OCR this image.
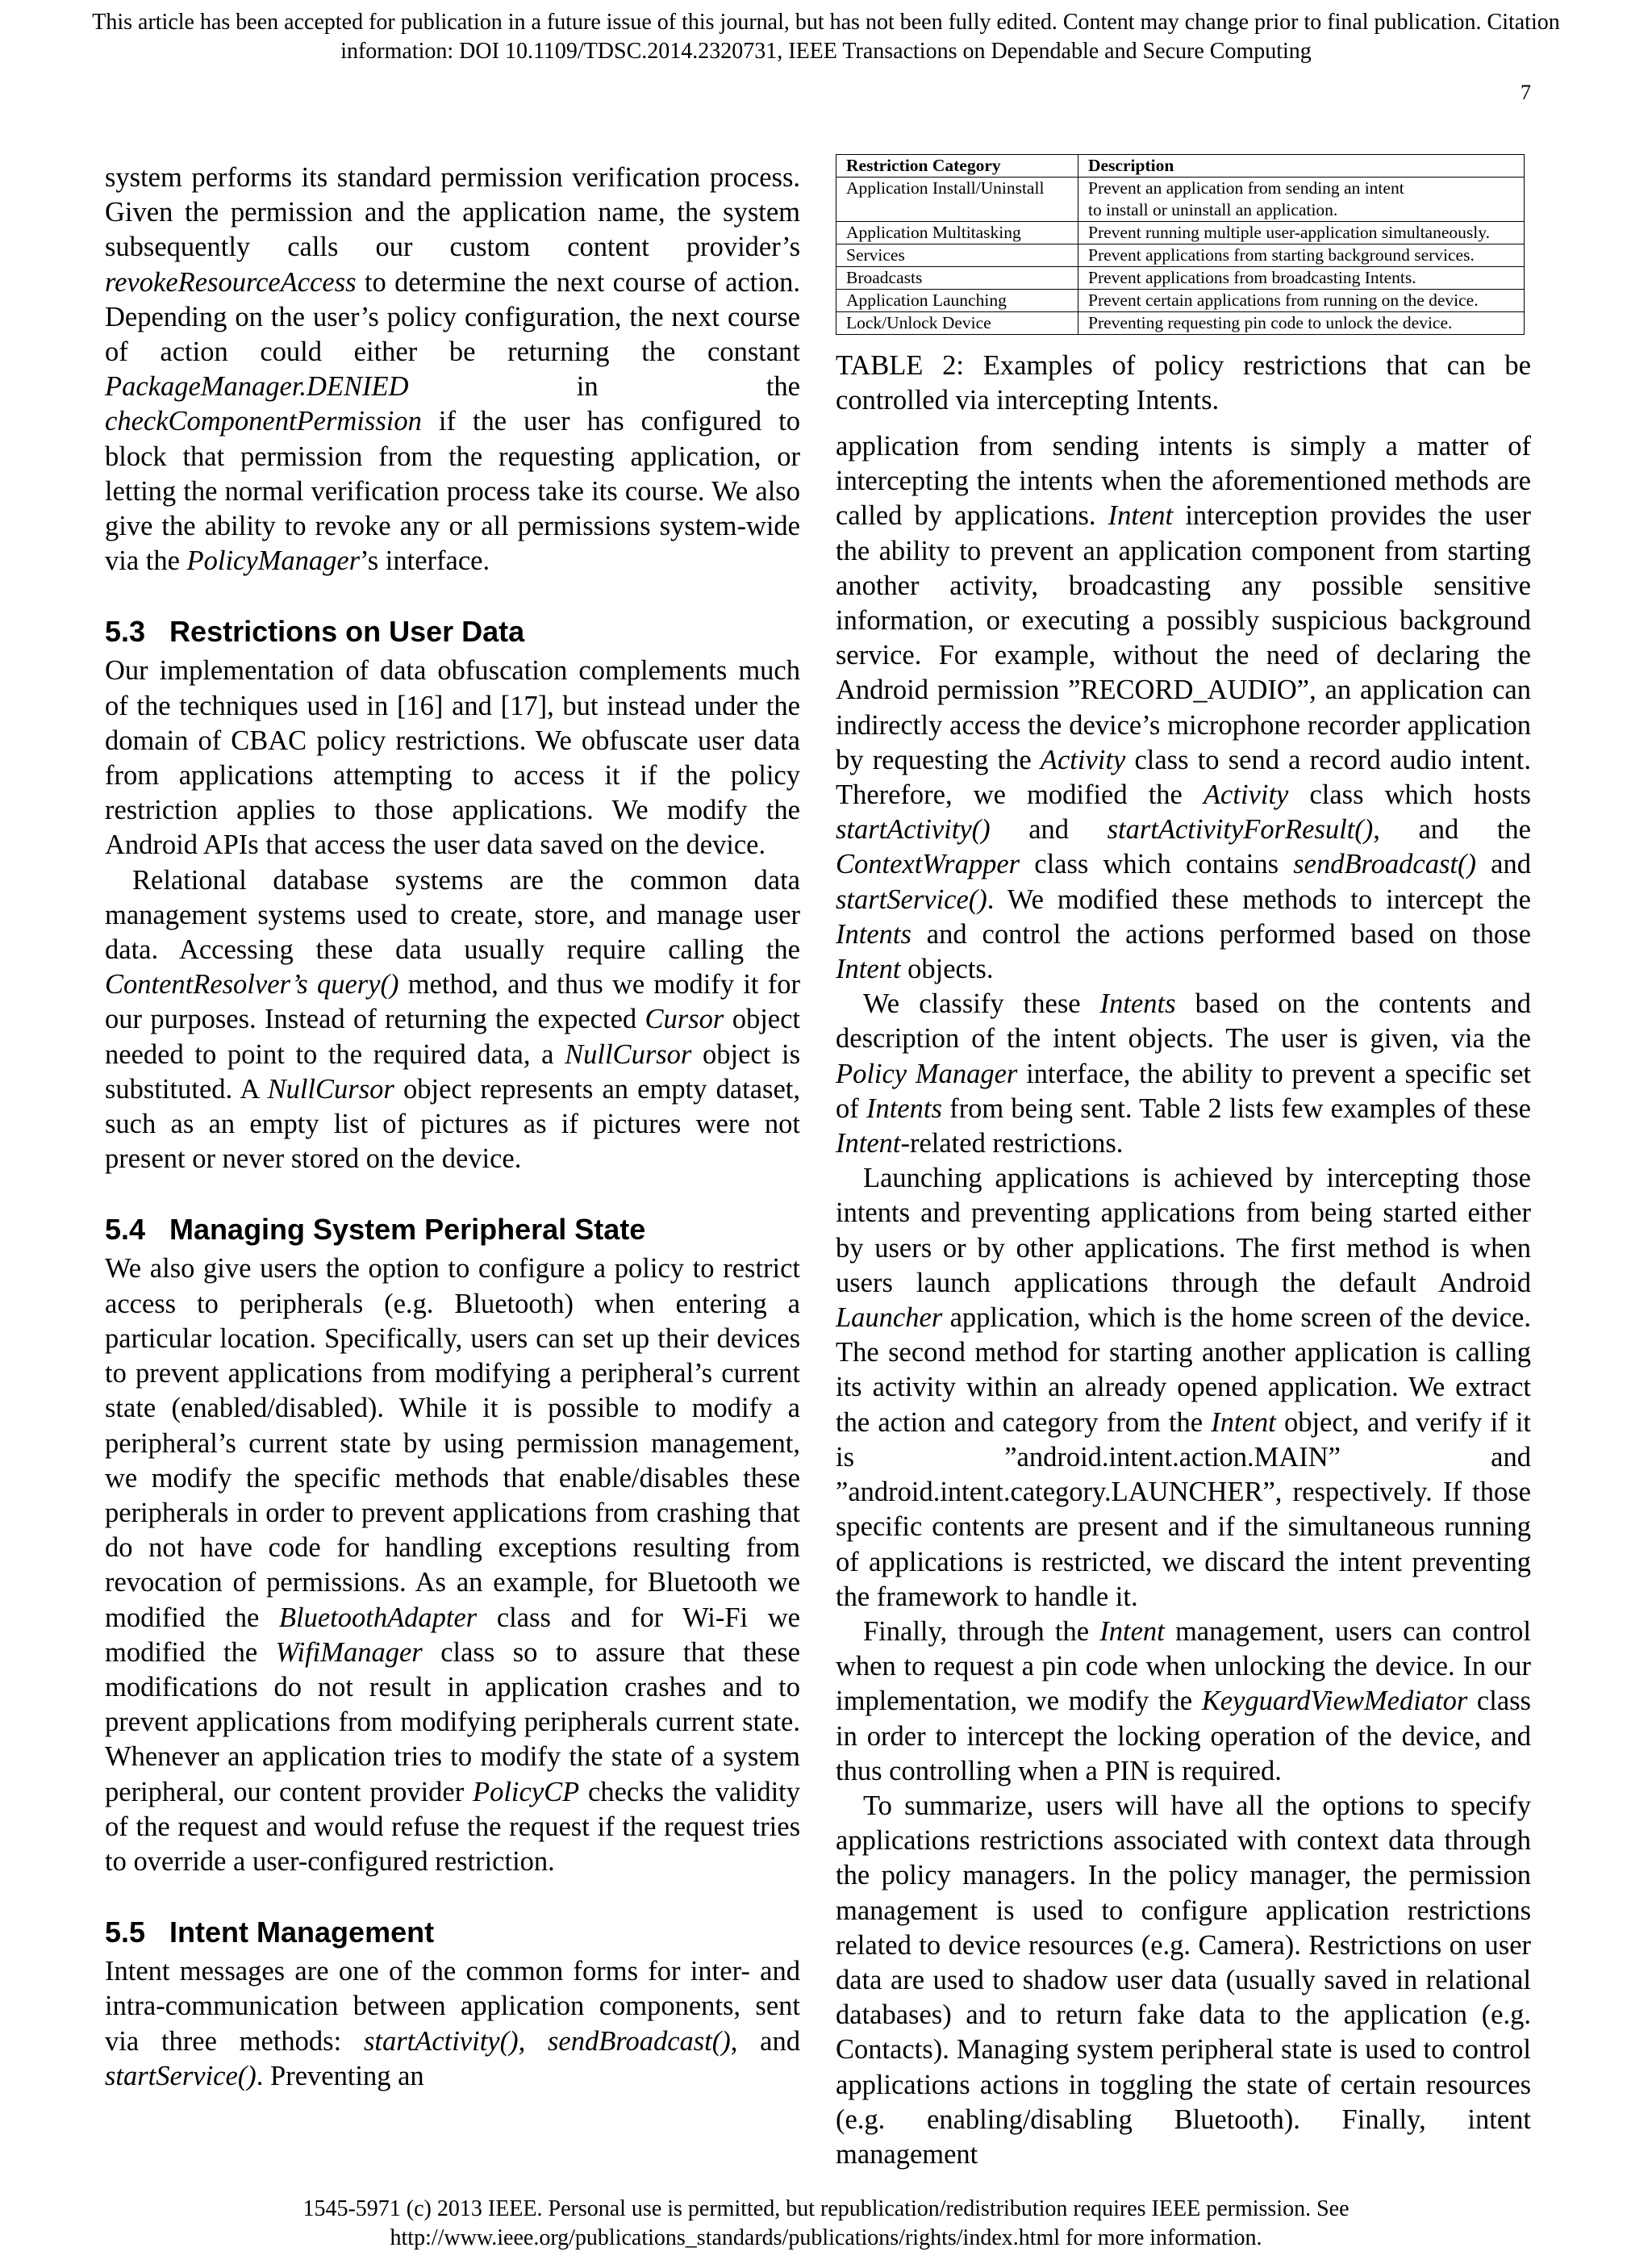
This article has been accepted for publication in a future issue of this journal, but has not been fully edited. Content may change prior to final publication. Citation
information: DOI 10.1109/TDSC.2014.2320731, IEEE Transactions on Dependable and Secure Computing
7

system performs its standard permission verification process. Given the permission and the application name, the system subsequently calls our custom content provider’s revokeResourceAccess to determine the next course of action. Depending on the user’s policy configuration, the next course of action could either be returning the constant PackageManager.DENIED in the checkComponentPermission if the user has configured to block that permission from the requesting application, or letting the normal verification process take its course. We also give the ability to revoke any or all permissions system-wide via the PolicyManager’s interface.

5.3 Restrictions on User Data

Our implementation of data obfuscation complements much of the techniques used in [16] and [17], but instead under the domain of CBAC policy restrictions. We obfuscate user data from applications attempting to access it if the policy restriction applies to those applications. We modify the Android APIs that access the user data saved on the device.

Relational database systems are the common data management systems used to create, store, and manage user data. Accessing these data usually require calling the ContentResolver’s query() method, and thus we modify it for our purposes. Instead of returning the expected Cursor object needed to point to the required data, a NullCursor object is substituted. A NullCursor object represents an empty dataset, such as an empty list of pictures as if pictures were not present or never stored on the device.

5.4 Managing System Peripheral State

We also give users the option to configure a policy to restrict access to peripherals (e.g. Bluetooth) when entering a particular location. Specifically, users can set up their devices to prevent applications from modifying a peripheral’s current state (enabled/disabled). While it is possible to modify a peripheral’s current state by using permission management, we modify the specific methods that enable/disables these peripherals in order to prevent applications from crashing that do not have code for handling exceptions resulting from revocation of permissions. As an example, for Bluetooth we modified the BluetoothAdapter class and for Wi-Fi we modified the WifiManager class so to assure that these modifications do not result in application crashes and to prevent applications from modifying peripherals current state. Whenever an application tries to modify the state of a system peripheral, our content provider PolicyCP checks the validity of the request and would refuse the request if the request tries to override a user-configured restriction.

5.5 Intent Management

Intent messages are one of the common forms for inter- and intra-communication between application components, sent via three methods: startActivity(), sendBroadcast(), and startService(). Preventing an

Restriction Category	Description
Application Install/Uninstall	Prevent an application from sending an intent
to install or uninstall an application.
Application Multitasking	Prevent running multiple user-application simultaneously.
Services	Prevent applications from starting background services.
Broadcasts	Prevent applications from broadcasting Intents.
Application Launching	Prevent certain applications from running on the device.
Lock/Unlock Device	Preventing requesting pin code to unlock the device.
TABLE 2: Examples of policy restrictions that can be controlled via intercepting Intents.

application from sending intents is simply a matter of intercepting the intents when the aforementioned methods are called by applications. Intent interception provides the user the ability to prevent an application component from starting another activity, broadcasting any possible sensitive information, or executing a possibly suspicious background service. For example, without the need of declaring the Android permission ”RECORD_AUDIO”, an application can indirectly access the device’s microphone recorder application by requesting the Activity class to send a record audio intent. Therefore, we modified the Activity class which hosts startActivity() and startActivityForResult(), and the ContextWrapper class which contains sendBroadcast() and startService(). We modified these methods to intercept the Intents and control the actions performed based on those Intent objects.

We classify these Intents based on the contents and description of the intent objects. The user is given, via the Policy Manager interface, the ability to prevent a specific set of Intents from being sent. Table 2 lists few examples of these Intent-related restrictions.

Launching applications is achieved by intercepting those intents and preventing applications from being started either by users or by other applications. The first method is when users launch applications through the default Android Launcher application, which is the home screen of the device. The second method for starting another application is calling its activity within an already opened application. We extract the action and category from the Intent object, and verify if it is ”android.intent.action.MAIN” and ”android.intent.category.LAUNCHER”, respectively. If those specific contents are present and if the simultaneous running of applications is restricted, we discard the intent preventing the framework to handle it.

Finally, through the Intent management, users can control when to request a pin code when unlocking the device. In our implementation, we modify the KeyguardViewMediator class in order to intercept the locking operation of the device, and thus controlling when a PIN is required.

To summarize, users will have all the options to specify applications restrictions associated with context data through the policy managers. In the policy manager, the permission management is used to configure application restrictions related to device resources (e.g. Camera). Restrictions on user data are used to shadow user data (usually saved in relational databases) and to return fake data to the application (e.g. Contacts). Managing system peripheral state is used to control applications actions in toggling the state of certain resources (e.g. enabling/disabling Bluetooth). Finally, intent management

1545-5971 (c) 2013 IEEE. Personal use is permitted, but republication/redistribution requires IEEE permission. See
http://www.ieee.org/publications_standards/publications/rights/index.html for more information.
